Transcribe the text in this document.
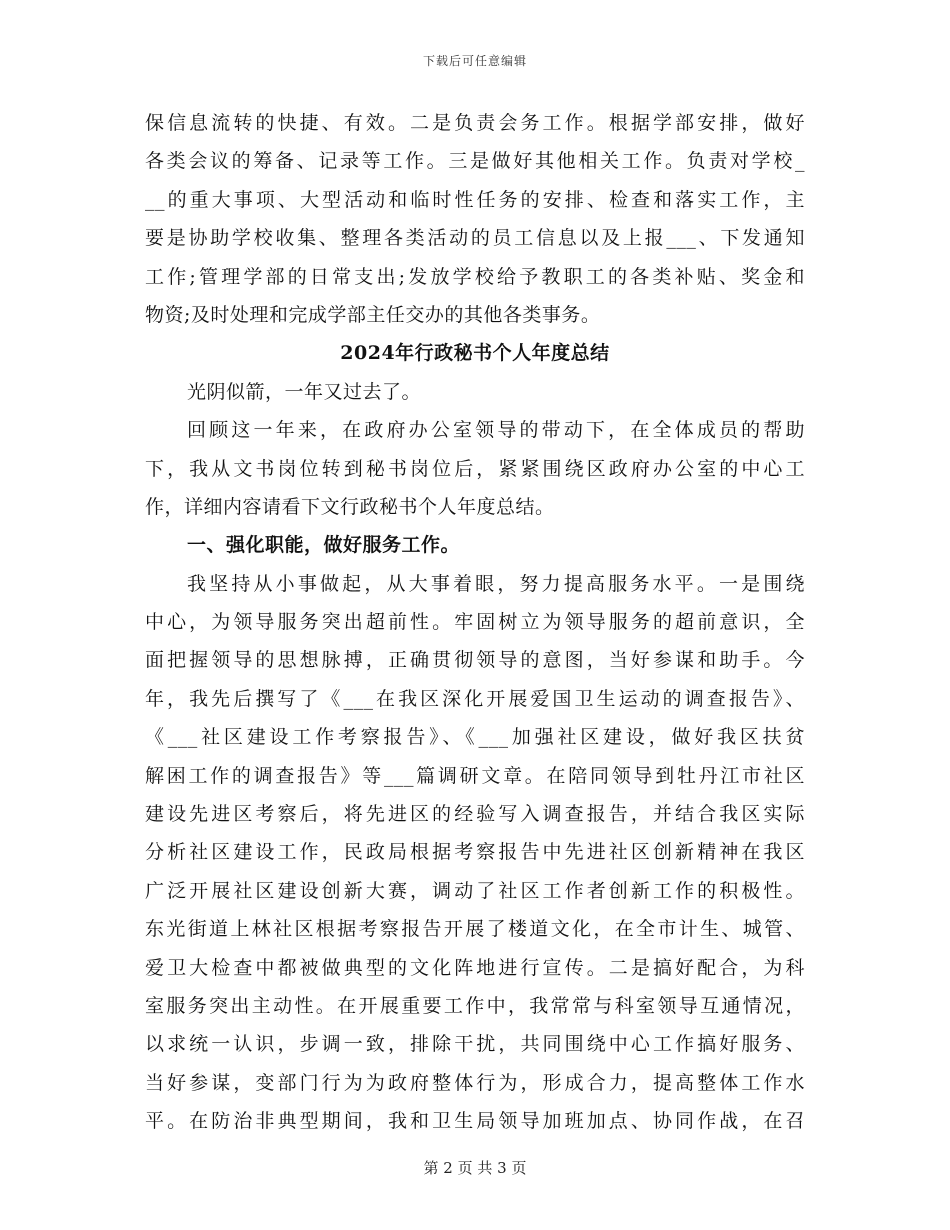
下载后可任意编辑
保信息流转的快捷、有效。二是负责会务工作。根据学部安排，做好
各类会议的筹备、记录等工作。三是做好其他相关工作。负责对学校_
__的重大事项、大型活动和临时性任务的安排、检查和落实工作，主
要是协助学校收集、整理各类活动的员工信息以及上报___、下发通知
工作;管理学部的日常支出;发放学校给予教职工的各类补贴、奖金和
物资;及时处理和完成学部主任交办的其他各类事务。
2024年行政秘书个人年度总结
光阴似箭，一年又过去了。
回顾这一年来，在政府办公室领导的带动下，在全体成员的帮助
下，我从文书岗位转到秘书岗位后，紧紧围绕区政府办公室的中心工
作，详细内容请看下文行政秘书个人年度总结。
一、强化职能，做好服务工作。
我坚持从小事做起，从大事着眼，努力提高服务水平。一是围绕
中心，为领导服务突出超前性。牢固树立为领导服务的超前意识，全
面把握领导的思想脉搏，正确贯彻领导的意图，当好参谋和助手。今
年，我先后撰写了《___在我区深化开展爱国卫生运动的调查报告》、
《___社区建设工作考察报告》、《___加强社区建设，做好我区扶贫
解困工作的调查报告》等___篇调研文章。在陪同领导到牡丹江市社区
建设先进区考察后，将先进区的经验写入调查报告，并结合我区实际
分析社区建设工作，民政局根据考察报告中先进社区创新精神在我区
广泛开展社区建设创新大赛，调动了社区工作者创新工作的积极性。
东光街道上林社区根据考察报告开展了楼道文化，在全市计生、城管、
爱卫大检查中都被做典型的文化阵地进行宣传。二是搞好配合，为科
室服务突出主动性。在开展重要工作中，我常常与科室领导互通情况，
以求统一认识，步调一致，排除干扰，共同围绕中心工作搞好服务、
当好参谋，变部门行为为政府整体行为，形成合力，提高整体工作水
平。在防治非典型期间，我和卫生局领导加班加点、协同作战，在召
第 2 页 共 3 页
